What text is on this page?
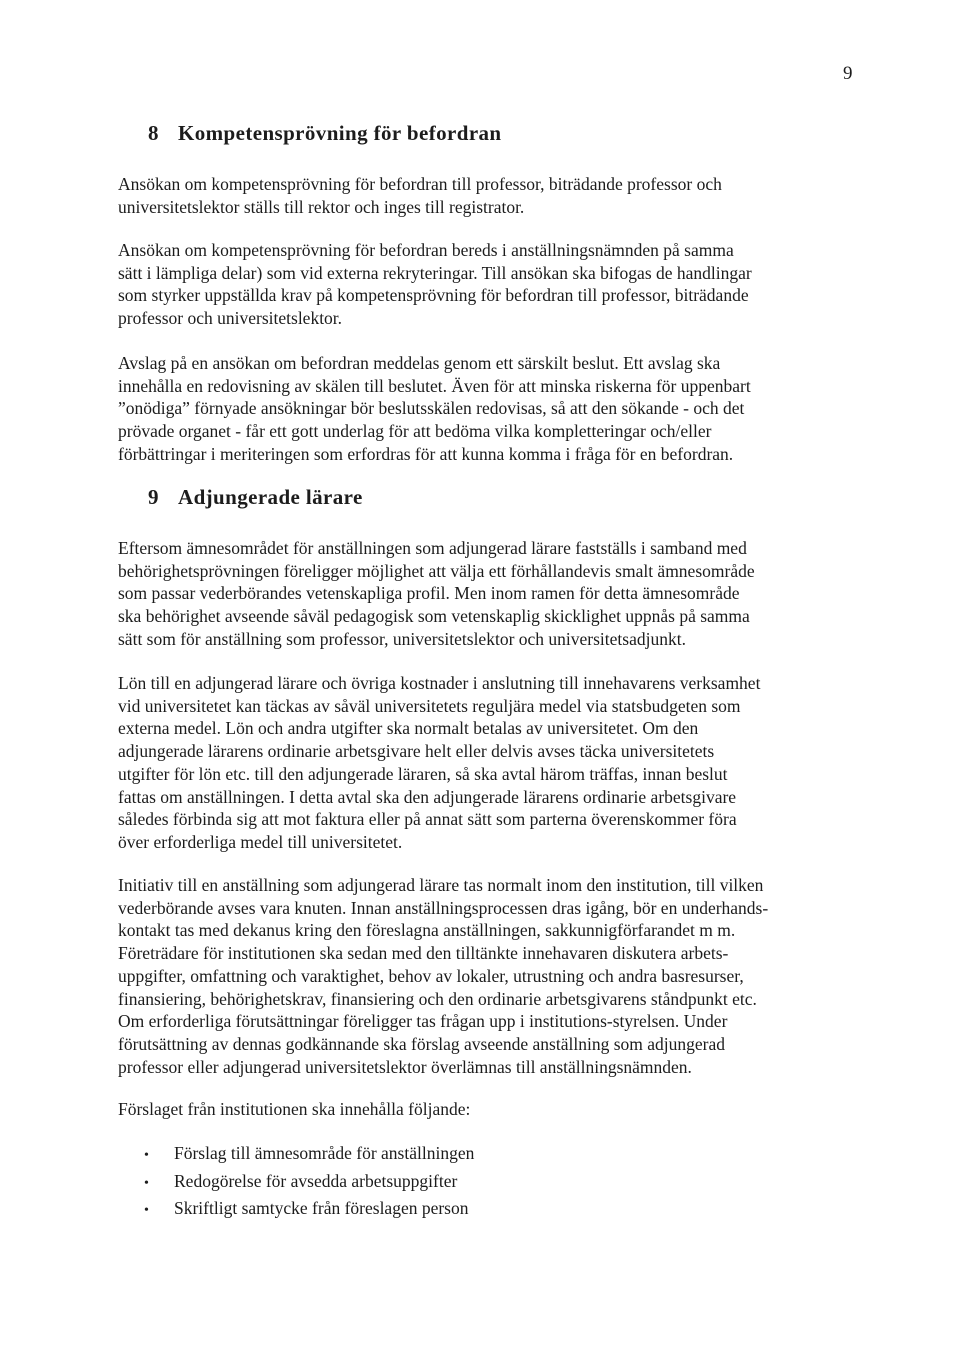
9
8 Kompetensprövning för befordran
Ansökan om kompetensprövning för befordran till professor, biträdande professor och
universitetslektor ställs till rektor och inges till registrator.
Ansökan om kompetensprövning för befordran bereds i anställningsnämnden på samma
sätt i lämpliga delar) som vid externa rekryteringar. Till ansökan ska bifogas de handlingar
som styrker uppställda krav på kompetensprövning för befordran till professor, biträdande
professor och universitetslektor.
Avslag på en ansökan om befordran meddelas genom ett särskilt beslut. Ett avslag ska
innehålla en redovisning av skälen till beslutet. Även för att minska riskerna för uppenbart
”onödiga” förnyade ansökningar bör beslutsskälen redovisas, så att den sökande - och det
prövade organet - får ett gott underlag för att bedöma vilka kompletteringar och/eller
förbättringar i meriteringen som erfordras för att kunna komma i fråga för en befordran.
9 Adjungerade lärare
Eftersom ämnesområdet för anställningen som adjungerad lärare fastställs i samband med
behörighetsprövningen föreligger möjlighet att välja ett förhållandevis smalt ämnesområde
som passar vederbörandes vetenskapliga profil. Men inom ramen för detta ämnesområde
ska behörighet avseende såväl pedagogisk som vetenskaplig skicklighet uppnås på samma
sätt som för anställning som professor, universitetslektor och universitetsadjunkt.
Lön till en adjungerad lärare och övriga kostnader i anslutning till innehavarens verksamhet
vid universitetet kan täckas av såväl universitetets reguljära medel via statsbudgeten som
externa medel. Lön och andra utgifter ska normalt betalas av universitetet. Om den
adjungerade lärarens ordinarie arbetsgivare helt eller delvis avses täcka universitetets
utgifter för lön etc. till den adjungerade läraren, så ska avtal härom träffas, innan beslut
fattas om anställningen. I detta avtal ska den adjungerade lärarens ordinarie arbetsgivare
således förbinda sig att mot faktura eller på annat sätt som parterna överenskommer föra
över erforderliga medel till universitetet.
Initiativ till en anställning som adjungerad lärare tas normalt inom den institution, till vilken
vederbörande avses vara knuten. Innan anställningsprocessen dras igång, bör en underhands-
kontakt tas med dekanus kring den föreslagna anställningen, sakkunnigförfarandet m m.
Företrädare för institutionen ska sedan med den tilltänkte innehavaren diskutera arbets-
uppgifter, omfattning och varaktighet, behov av lokaler, utrustning och andra basresurser,
finansiering, behörighetskrav, finansiering och den ordinarie arbetsgivarens ståndpunkt etc.
Om erforderliga förutsättningar föreligger tas frågan upp i institutions-styrelsen. Under
förutsättning av dennas godkännande ska förslag avseende anställning som adjungerad
professor eller adjungerad universitetslektor överlämnas till anställningsnämnden.
Förslaget från institutionen ska innehålla följande:
•	Förslag till ämnesområde för anställningen
•	Redogörelse för avsedda arbetsuppgifter
•	Skriftligt samtycke från föreslagen person
